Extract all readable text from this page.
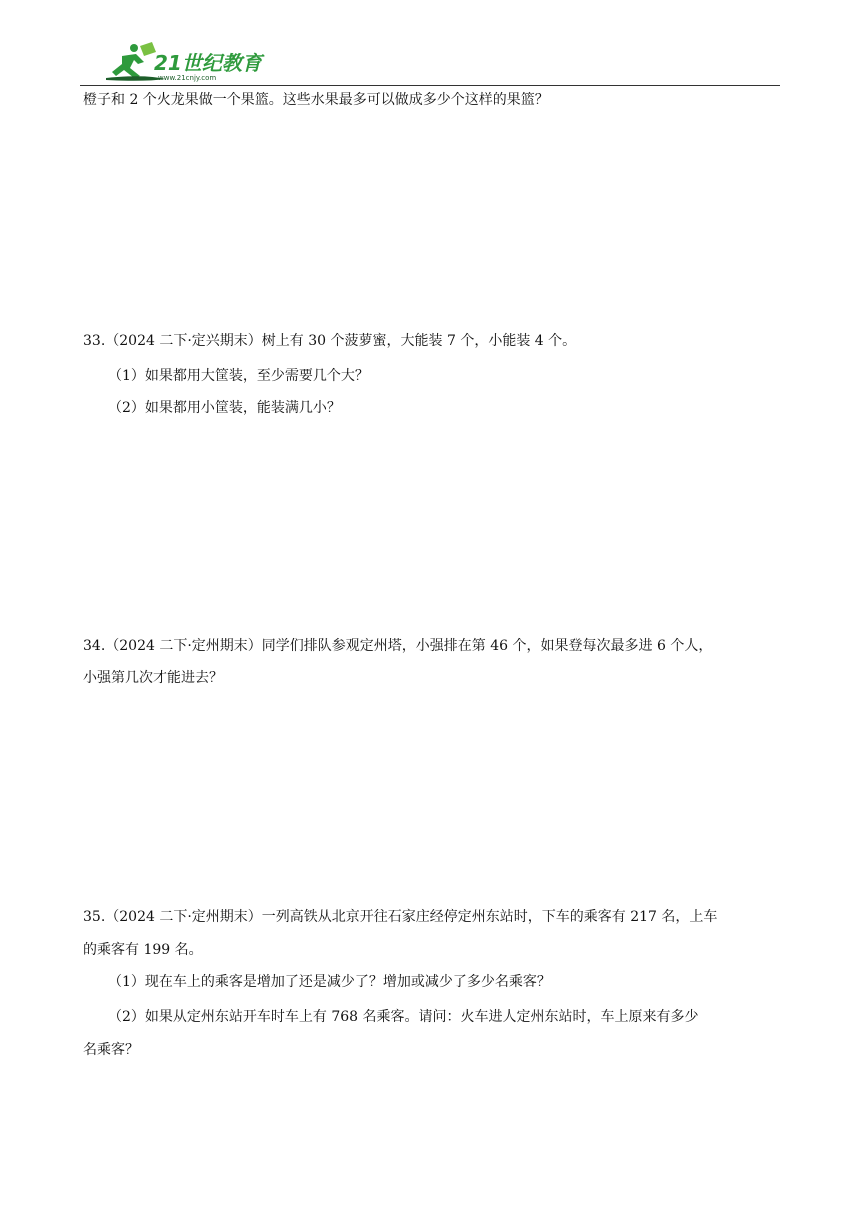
21世纪教育
www.21cnjy.com
橙子和 2 个火龙果做一个果篮。这些水果最多可以做成多少个这样的果篮？
33.（2024 二下·定兴期末）树上有 30 个菠萝蜜，大能装 7 个，小能装 4 个。
（1）如果都用大筐装，至少需要几个大？
（2）如果都用小筐装，能装满几小？
34.（2024 二下·定州期末）同学们排队参观定州塔，小强排在第 46 个，如果登每次最多进 6 个人，
小强第几次才能进去？
35.（2024 二下·定州期末）一列高铁从北京开往石家庄经停定州东站时，下车的乘客有 217 名，上车
的乘客有 199 名。
（1）现在车上的乘客是增加了还是减少了？增加或减少了多少名乘客？
（2）如果从定州东站开车时车上有 768 名乘客。请问：火车进人定州东站时，车上原来有多少
名乘客？
